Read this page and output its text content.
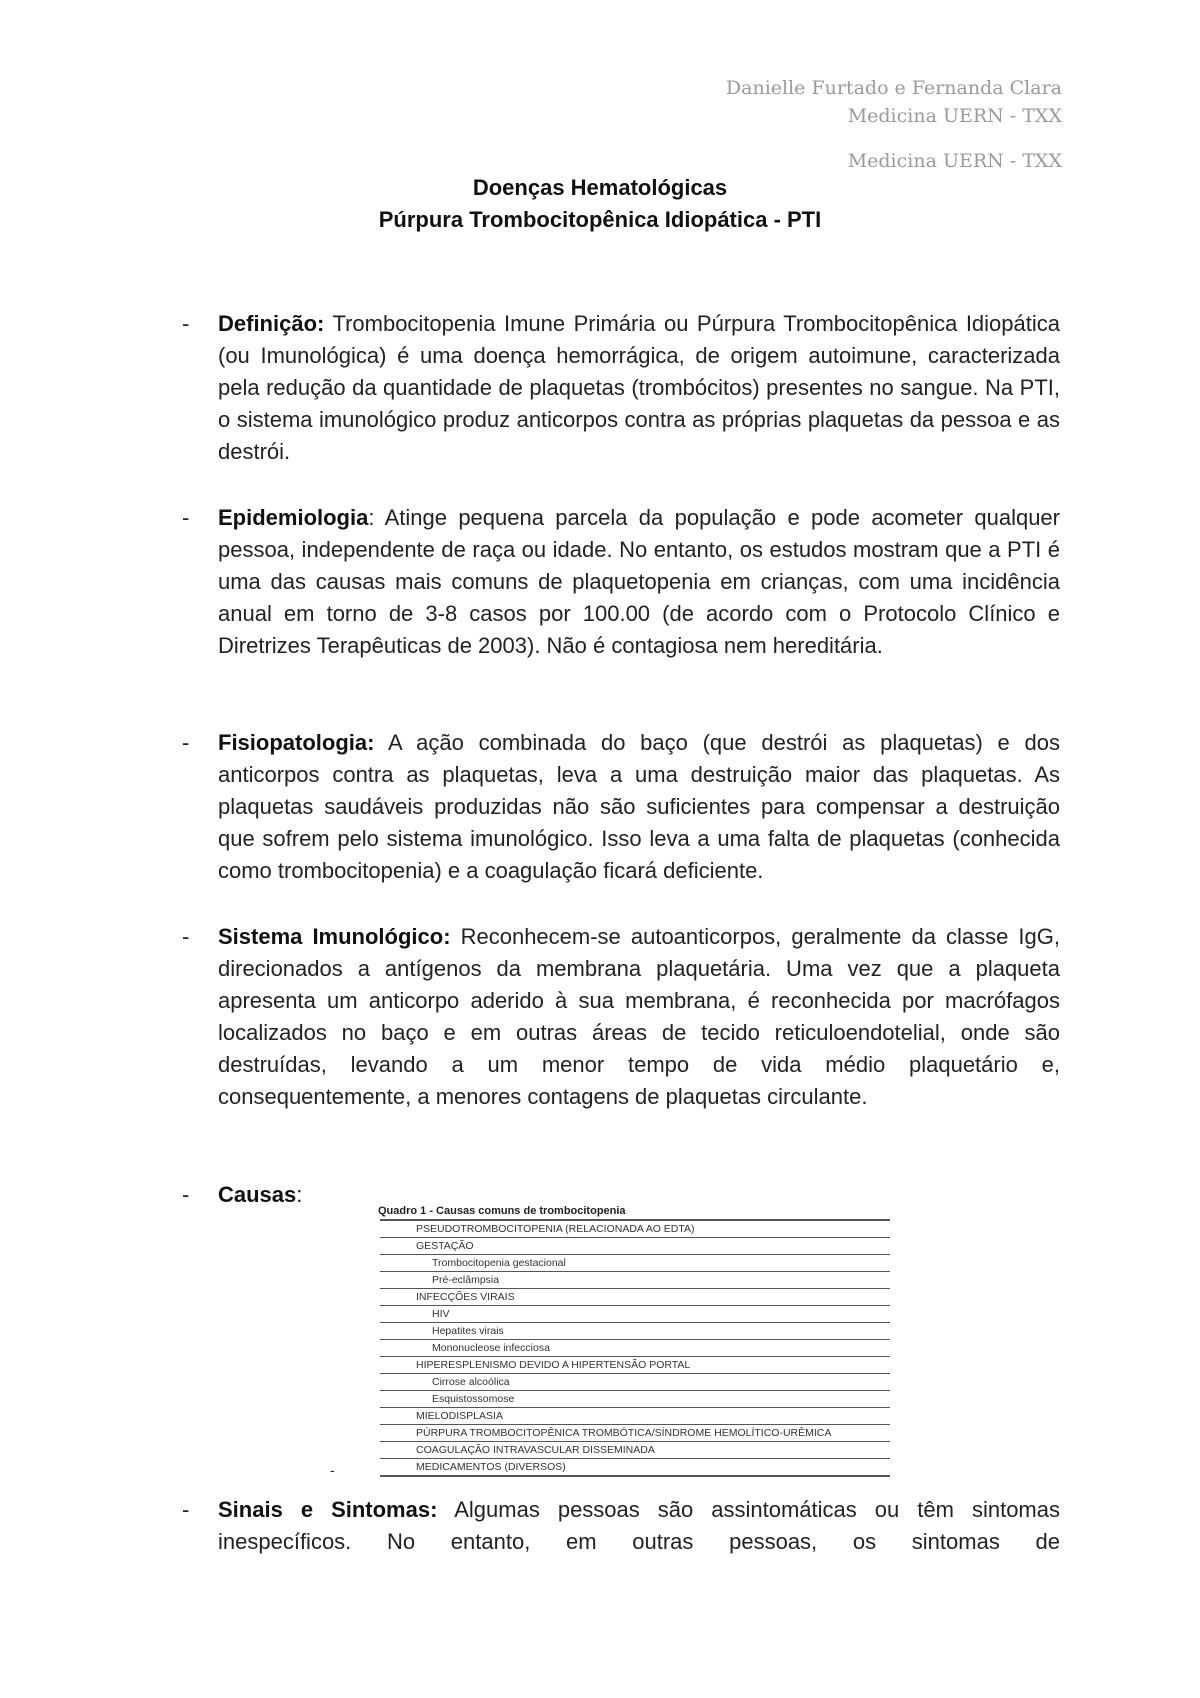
Danielle Furtado e Fernanda Clara
Medicina UERN - TXX
Medicina UERN - TXX
Doenças Hematológicas
Púrpura Trombocitopênica Idiopática - PTI
- Definição: Trombocitopenia Imune Primária ou Púrpura Trombocitopênica Idiopática (ou Imunológica) é uma doença hemorrágica, de origem autoimune, caracterizada pela redução da quantidade de plaquetas (trombócitos) presentes no sangue. Na PTI, o sistema imunológico produz anticorpos contra as próprias plaquetas da pessoa e as destrói.
- Epidemiologia: Atinge pequena parcela da população e pode acometer qualquer pessoa, independente de raça ou idade. No entanto, os estudos mostram que a PTI é uma das causas mais comuns de plaquetopenia em crianças, com uma incidência anual em torno de 3-8 casos por 100.00 (de acordo com o Protocolo Clínico e Diretrizes Terapêuticas de 2003). Não é contagiosa nem hereditária.
- Fisiopatologia: A ação combinada do baço (que destrói as plaquetas) e dos anticorpos contra as plaquetas, leva a uma destruição maior das plaquetas. As plaquetas saudáveis produzidas não são suficientes para compensar a destruição que sofrem pelo sistema imunológico. Isso leva a uma falta de plaquetas (conhecida como trombocitopenia) e a coagulação ficará deficiente.
- Sistema Imunológico: Reconhecem-se autoanticorpos, geralmente da classe IgG, direcionados a antígenos da membrana plaquetária. Uma vez que a plaqueta apresenta um anticorpo aderido à sua membrana, é reconhecida por macrófagos localizados no baço e em outras áreas de tecido reticuloendotelial, onde são destruídas, levando a um menor tempo de vida médio plaquetário e, consequentemente, a menores contagens de plaquetas circulante.
- Causas:
Quadro 1 - Causas comuns de trombocitopenia
PSEUDOTROMBOCITOPENIA (RELACIONADA AO EDTA)
GESTAÇÃO
Trombocitopenia gestacional
Pré-eclâmpsia
INFECÇÕES VIRAIS
HIV
Hepatites virais
Mononucleose infecciosa
HIPERESPLENISMO DEVIDO A HIPERTENSÃO PORTAL
Cirrose alcoólica
Esquistossomose
MIELODISPLASIA
PÚRPURA TROMBOCITOPÊNICA TROMBÓTICA/SÍNDROME HEMOLÍTICO-URÊMICA
COAGULAÇÃO INTRAVASCULAR DISSEMINADA
MEDICAMENTOS (DIVERSOS)
-
- Sinais e Sintomas: Algumas pessoas são assintomáticas ou têm sintomas inespecíficos. No entanto, em outras pessoas, os sintomas de
